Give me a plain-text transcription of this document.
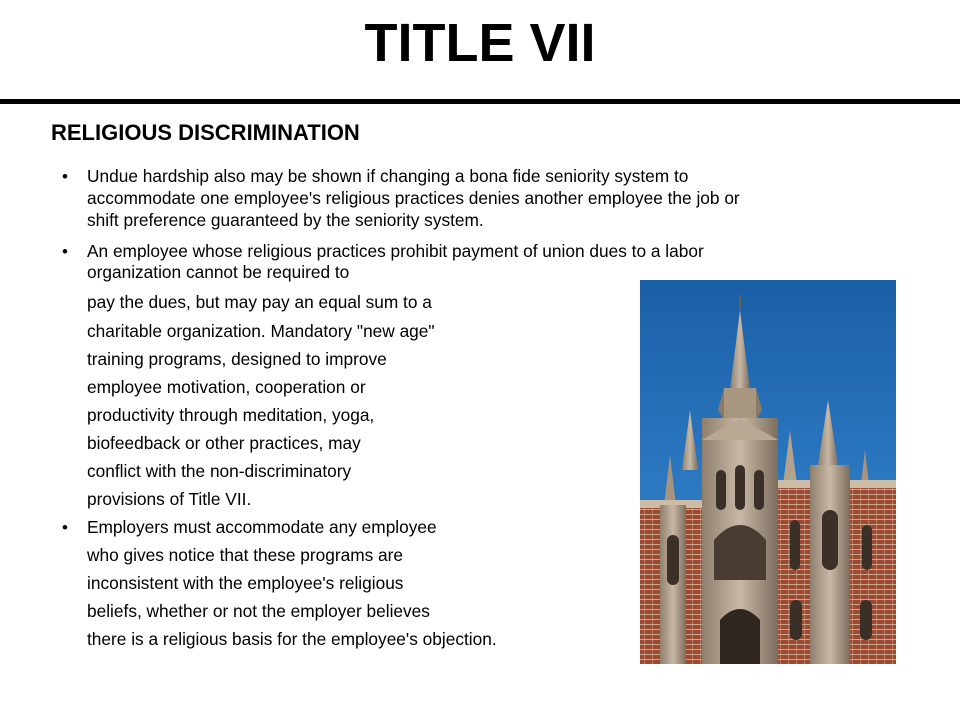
TITLE VII
RELIGIOUS DISCRIMINATION
• Undue hardship also may be shown if changing a bona fide seniority system to
accommodate one employee's religious practices denies another employee the job or
shift preference guaranteed by the seniority system.
• An employee whose religious practices prohibit payment of union dues to a labor
organization cannot be required to
pay the dues, but may pay an equal sum to a
charitable organization. Mandatory "new age"
training programs, designed to improve
employee motivation, cooperation or
productivity through meditation, yoga,
biofeedback or other practices, may
conflict with the non-discriminatory
provisions of Title VII.
• Employers must accommodate any employee
who gives notice that these programs are
inconsistent with the employee's religious
beliefs, whether or not the employer believes
there is a religious basis for the employee's objection.
